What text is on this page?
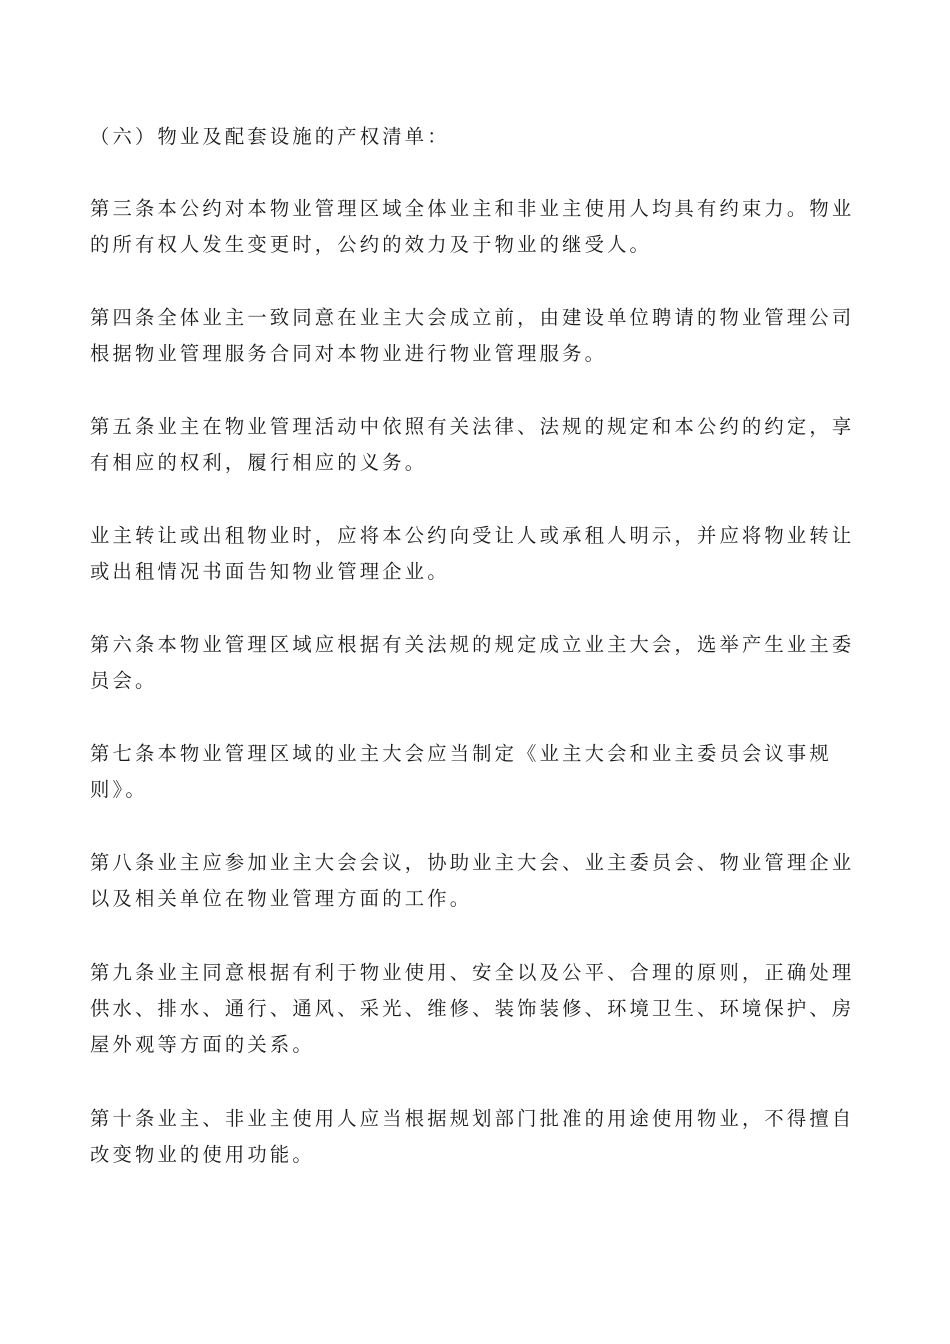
（六）物业及配套设施的产权清单：

第三条本公约对本物业管理区域全体业主和非业主使用人均具有约束力。物业
的所有权人发生变更时，公约的效力及于物业的继受人。

第四条全体业主一致同意在业主大会成立前，由建设单位聘请的物业管理公司
根据物业管理服务合同对本物业进行物业管理服务。

第五条业主在物业管理活动中依照有关法律、法规的规定和本公约的约定，享
有相应的权利，履行相应的义务。

业主转让或出租物业时，应将本公约向受让人或承租人明示，并应将物业转让
或出租情况书面告知物业管理企业。

第六条本物业管理区域应根据有关法规的规定成立业主大会，选举产生业主委
员会。

第七条本物业管理区域的业主大会应当制定《业主大会和业主委员会议事规
则》。

第八条业主应参加业主大会会议，协助业主大会、业主委员会、物业管理企业
以及相关单位在物业管理方面的工作。

第九条业主同意根据有利于物业使用、安全以及公平、合理的原则，正确处理
供水、排水、通行、通风、采光、维修、装饰装修、环境卫生、环境保护、房
屋外观等方面的关系。

第十条业主、非业主使用人应当根据规划部门批准的用途使用物业，不得擅自
改变物业的使用功能。
